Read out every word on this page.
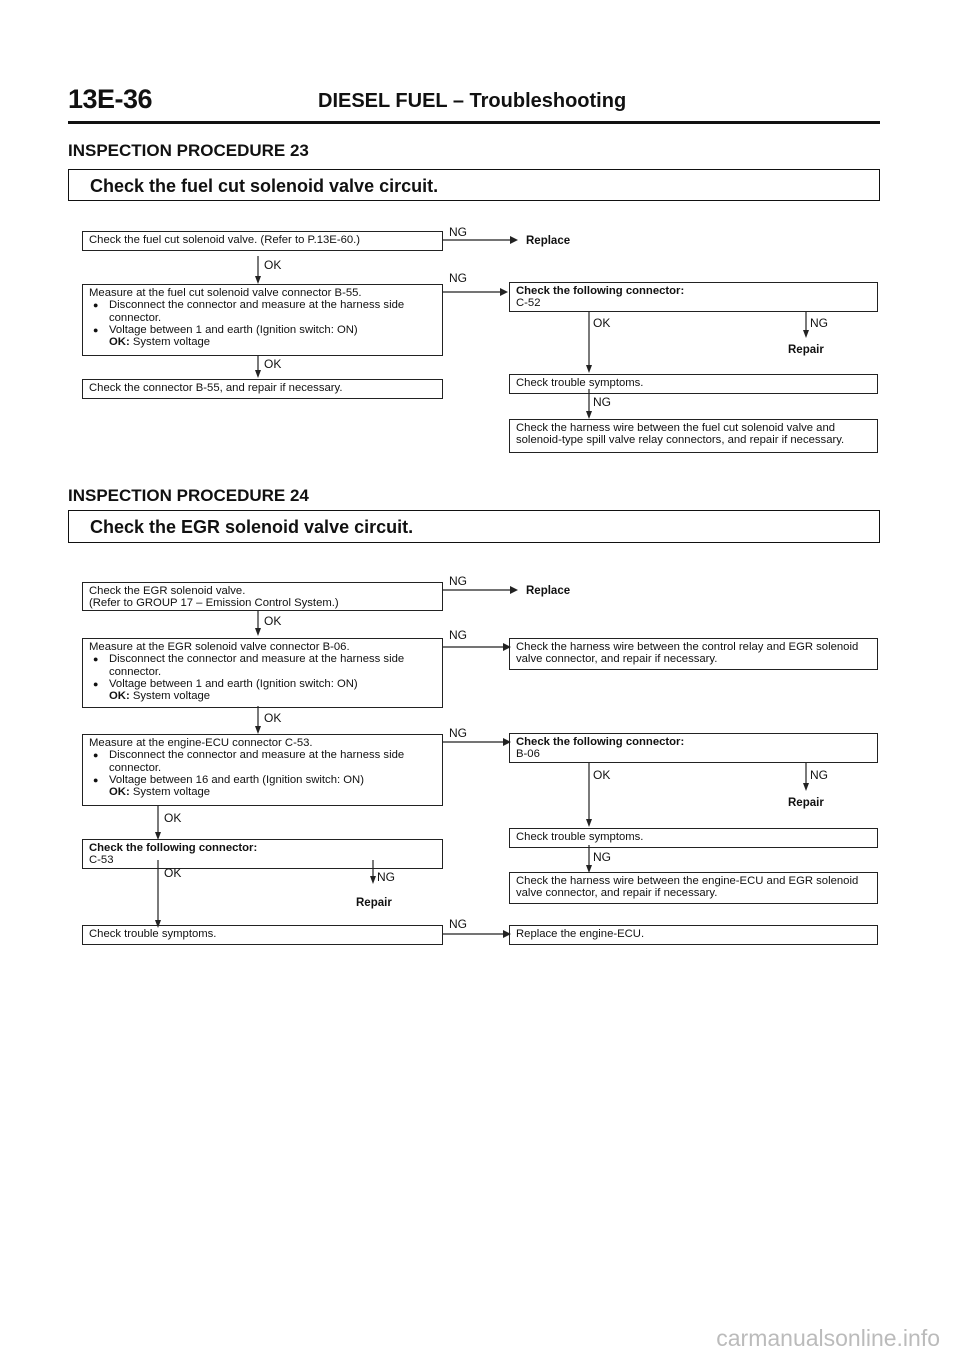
13E-36	DIESEL FUEL – Troubleshooting
INSPECTION PROCEDURE 23
Check the fuel cut solenoid valve circuit.

Check the fuel cut solenoid valve. (Refer to P.13E-60.)

NG
Replace
OK

Measure at the fuel cut solenoid valve connector B-55.

● Disconnect the connector and measure at the harness side connector.

● Voltage between 1 and earth (Ignition switch: ON)

OK: System voltage

NG
OK

Check the connector B-55, and repair if necessary.

Check the following connector:

C-52

OK	NG
Repair

Check trouble symptoms.

NG

Check the harness wire between the fuel cut solenoid valve and solenoid-type spill valve relay connectors, and repair if necessary.

INSPECTION PROCEDURE 24
Check the EGR solenoid valve circuit.

Check the EGR solenoid valve.

(Refer to GROUP 17 – Emission Control System.)

NG
Replace
OK

Measure at the EGR solenoid valve connector B-06.

● Disconnect the connector and measure at the harness side connector.

● Voltage between 1 and earth (Ignition switch: ON)

OK: System voltage

NG
OK

Check the harness wire between the control relay and EGR solenoid valve connector, and repair if necessary.

Measure at the engine-ECU connector C-53.

● Disconnect the connector and measure at the harness side connector.

● Voltage between 16 and earth (Ignition switch: ON)

OK: System voltage

NG
OK

Check the following connector:

B-06

OK	NG
Repair

Check trouble symptoms.

NG

Check the harness wire between the engine-ECU and EGR solenoid valve connector, and repair if necessary.

Check the following connector:

C-53

OK	NG
Repair

Check trouble symptoms.

NG

Replace the engine-ECU.

carmanualsonline.info
